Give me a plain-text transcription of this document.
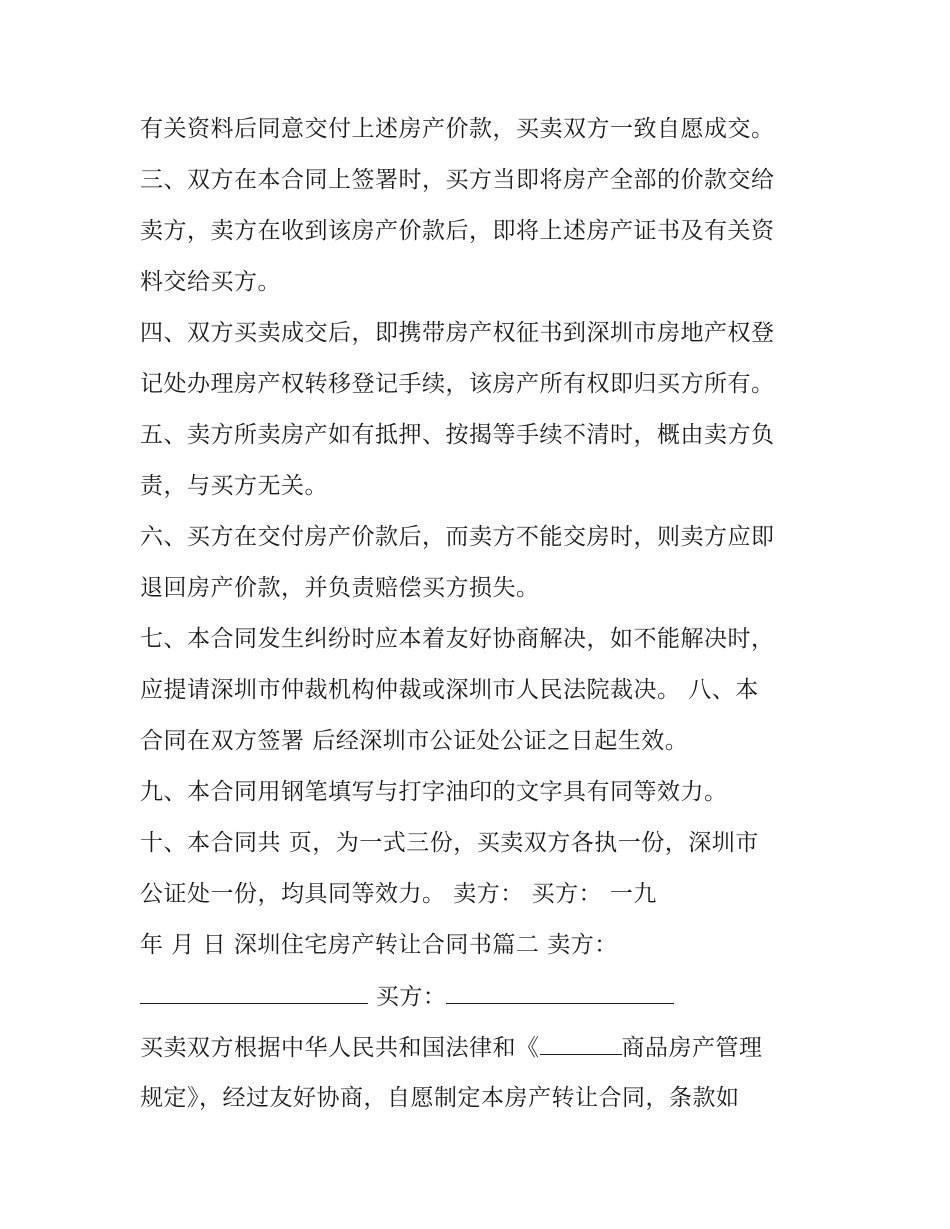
有关资料后同意交付上述房产价款，买卖双方一致自愿成交。
三、双方在本合同上签署时，买方当即将房产全部的价款交给
卖方，卖方在收到该房产价款后，即将上述房产证书及有关资
料交给买方。
四、双方买卖成交后，即携带房产权征书到深圳市房地产权登
记处办理房产权转移登记手续，该房产所有权即归买方所有。
五、卖方所卖房产如有抵押、按揭等手续不清时，概由卖方负
责，与买方无关。
六、买方在交付房产价款后，而卖方不能交房时，则卖方应即
退回房产价款，并负责赔偿买方损失。
七、本合同发生纠纷时应本着友好协商解决，如不能解决时，
应提请深圳市仲裁机构仲裁或深圳市人民法院裁决。 八、本
合同在双方签署 后经深圳市公证处公证之日起生效。
九、本合同用钢笔填写与打字油印的文字具有同等效力。
十、本合同共 页，为一式三份，买卖双方各执一份，深圳市
公证处一份，均具同等效力。 卖方： 买方： 一九
年 月 日 深圳住宅房产转让合同书篇二 卖方：
买方：
买卖双方根据中华人民共和国法律和《	商品房产管理
规定》，经过友好协商，自愿制定本房产转让合同，条款如
